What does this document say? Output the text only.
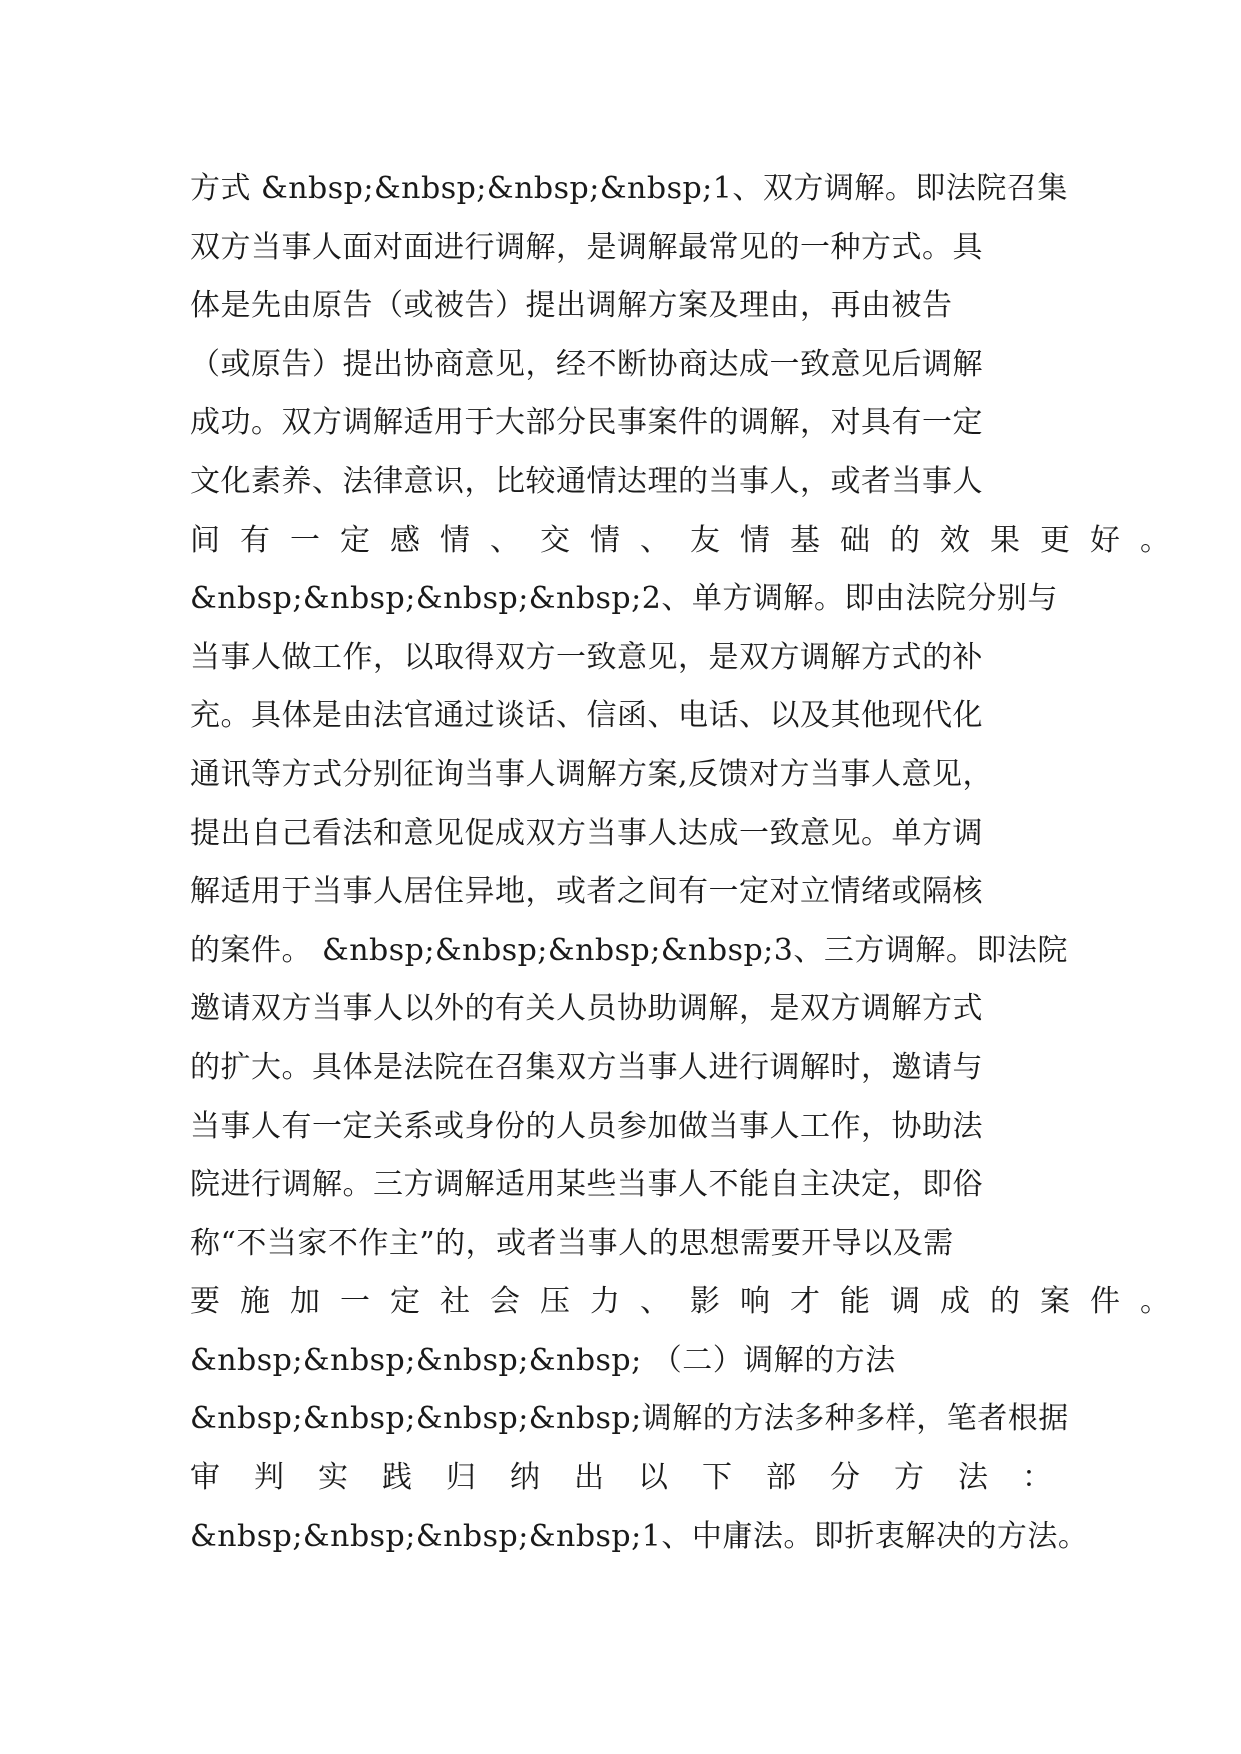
方式 &nbsp;&nbsp;&nbsp;&nbsp;1、双方调解。即法院召集
双方当事人面对面进行调解，是调解最常见的一种方式。具
体是先由原告（或被告）提出调解方案及理由，再由被告
（或原告）提出协商意见，经不断协商达成一致意见后调解
成功。双方调解适用于大部分民事案件的调解，对具有一定
文化素养、法律意识，比较通情达理的当事人，或者当事人
间有一定感情、交情、友情基础的效果更好。
&nbsp;&nbsp;&nbsp;&nbsp;2、单方调解。即由法院分别与
当事人做工作，以取得双方一致意见，是双方调解方式的补
充。具体是由法官通过谈话、信函、电话、以及其他现代化
通讯等方式分别征询当事人调解方案,反馈对方当事人意见，
提出自己看法和意见促成双方当事人达成一致意见。单方调
解适用于当事人居住异地，或者之间有一定对立情绪或隔核
的案件。 &nbsp;&nbsp;&nbsp;&nbsp;3、三方调解。即法院
邀请双方当事人以外的有关人员协助调解，是双方调解方式
的扩大。具体是法院在召集双方当事人进行调解时，邀请与
当事人有一定关系或身份的人员参加做当事人工作，协助法
院进行调解。三方调解适用某些当事人不能自主决定，即俗
称“不当家不作主”的，或者当事人的思想需要开导以及需
要施加一定社会压力、影响才能调成的案件。
&nbsp;&nbsp;&nbsp;&nbsp; （二）调解的方法
&nbsp;&nbsp;&nbsp;&nbsp;调解的方法多种多样，笔者根据
审判实践归纳出以下部分方法：
&nbsp;&nbsp;&nbsp;&nbsp;1、中庸法。即折衷解决的方法。
